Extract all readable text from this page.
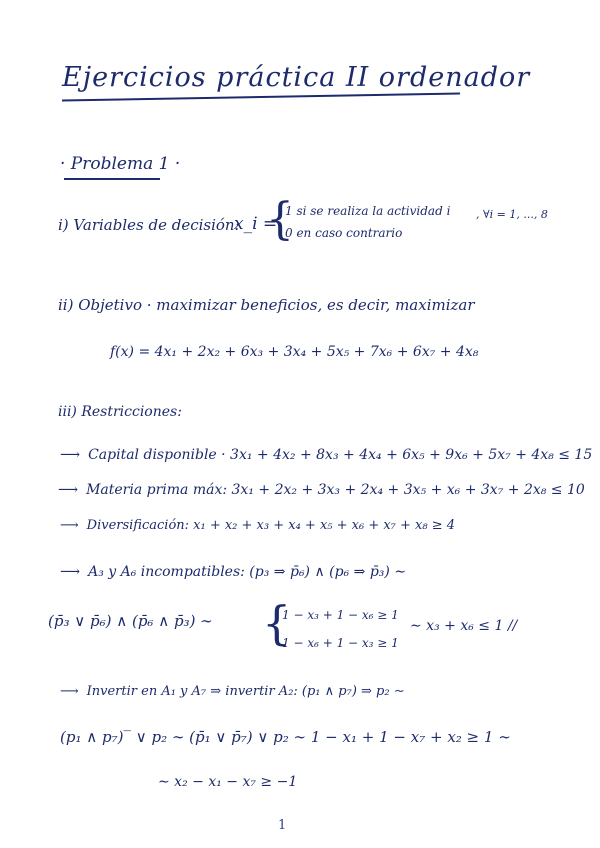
Ejercicios práctica II ordenador
· Problema 1 ·
i) Variables de decisión:
x_i =
{
1 si se realiza la actividad i
0 en caso contrario
, ∀i = 1, ..., 8
ii) Objetivo · maximizar beneficios, es decir, maximizar
f(x) = 4x₁ + 2x₂ + 6x₃ + 3x₄ + 5x₅ + 7x₆ + 6x₇ + 4x₈
iii) Restricciones:
⟶ Capital disponible · 3x₁ + 4x₂ + 8x₃ + 4x₄ + 6x₅ + 9x₆ + 5x₇ + 4x₈ ≤ 15
⟶ Materia prima máx: 3x₁ + 2x₂ + 3x₃ + 2x₄ + 3x₅ + x₆ + 3x₇ + 2x₈ ≤ 10
⟶ Diversificación: x₁ + x₂ + x₃ + x₄ + x₅ + x₆ + x₇ + x₈ ≥ 4
⟶ A₃ y A₆ incompatibles: (p₃ ⇒ p̄₆) ∧ (p₆ ⇒ p̄₃) ∼
(p̄₃ ∨ p̄₆) ∧ (p̄₆ ∧ p̄₃) ∼ {
1 − x₃ + 1 − x₆ ≥ 1
1 − x₆ + 1 − x₃ ≥ 1
∼ x₃ + x₆ ≤ 1 //
⟶ Invertir en A₁ y A₇ ⇒ invertir A₂: (p₁ ∧ p₇) ⇒ p₂ ∼
(p₁ ∧ p₇)‾ ∨ p₂ ∼ (p̄₁ ∨ p̄₇) ∨ p₂ ∼ 1 − x₁ + 1 − x₇ + x₂ ≥ 1 ∼
∼ x₂ − x₁ − x₇ ≥ −1
1
